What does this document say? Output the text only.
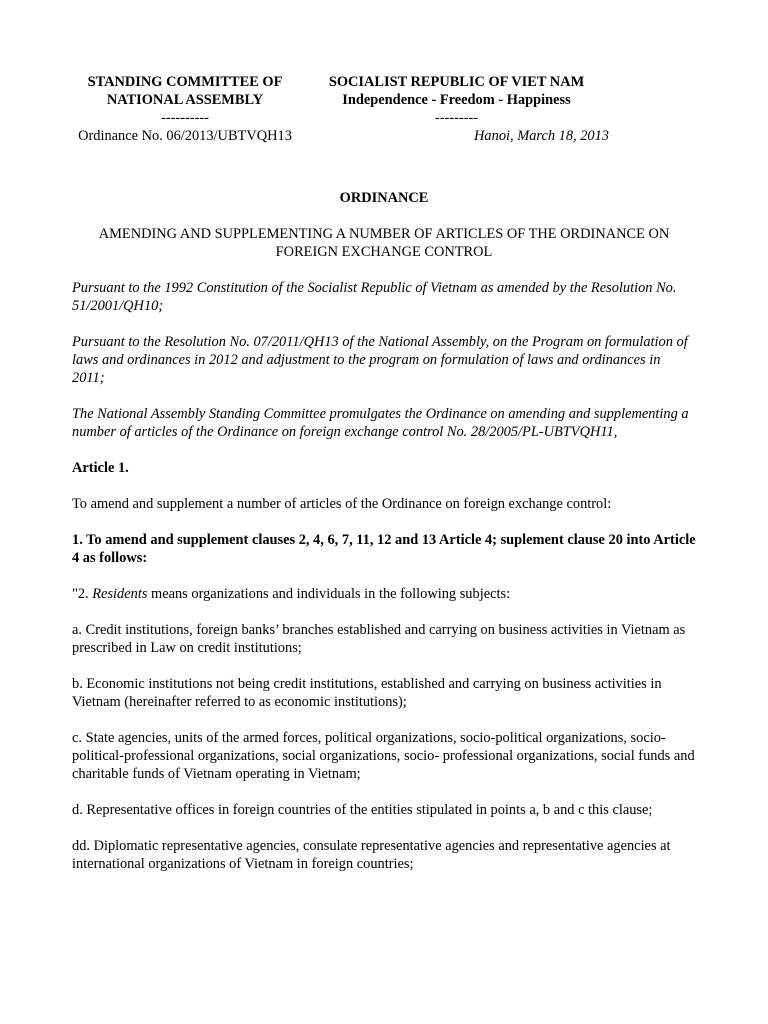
STANDING COMMITTEE OF
NATIONAL ASSEMBLY
----------
SOCIALIST REPUBLIC OF VIET NAM
Independence - Freedom - Happiness
---------
Ordinance No. 06/2013/UBTVQH13	Hanoi, March 18, 2013
ORDINANCE
AMENDING AND SUPPLEMENTING A NUMBER OF ARTICLES OF THE ORDINANCE ON FOREIGN EXCHANGE CONTROL

Pursuant to the 1992 Constitution of the Socialist Republic of Vietnam as amended by the Resolution No. 51/2001/QH10;

Pursuant to the Resolution No. 07/2011/QH13 of the National Assembly, on the Program on formulation of laws and ordinances in 2012 and adjustment to the program on formulation of laws and ordinances in 2011;

The National Assembly Standing Committee promulgates the Ordinance on amending and supplementing a number of articles of the Ordinance on foreign exchange control No. 28/2005/PL-UBTVQH11,

Article 1.

To amend and supplement a number of articles of the Ordinance on foreign exchange control:

1. To amend and supplement clauses 2, 4, 6, 7, 11, 12 and 13 Article 4; suplement clause 20 into Article 4 as follows:

"2. Residents means organizations and individuals in the following subjects:

a. Credit institutions, foreign banks’ branches established and carrying on business activities in Vietnam as prescribed in Law on credit institutions;

b. Economic institutions not being credit institutions, established and carrying on business activities in Vietnam (hereinafter referred to as economic institutions);

c. State agencies, units of the armed forces, political organizations, socio-political organizations, socio-political-professional organizations, social organizations, socio- professional organizations, social funds and charitable funds of Vietnam operating in Vietnam;

d. Representative offices in foreign countries of the entities stipulated in points a, b and c this clause;

dd. Diplomatic representative agencies, consulate representative agencies and representative agencies at international organizations of Vietnam in foreign countries;
